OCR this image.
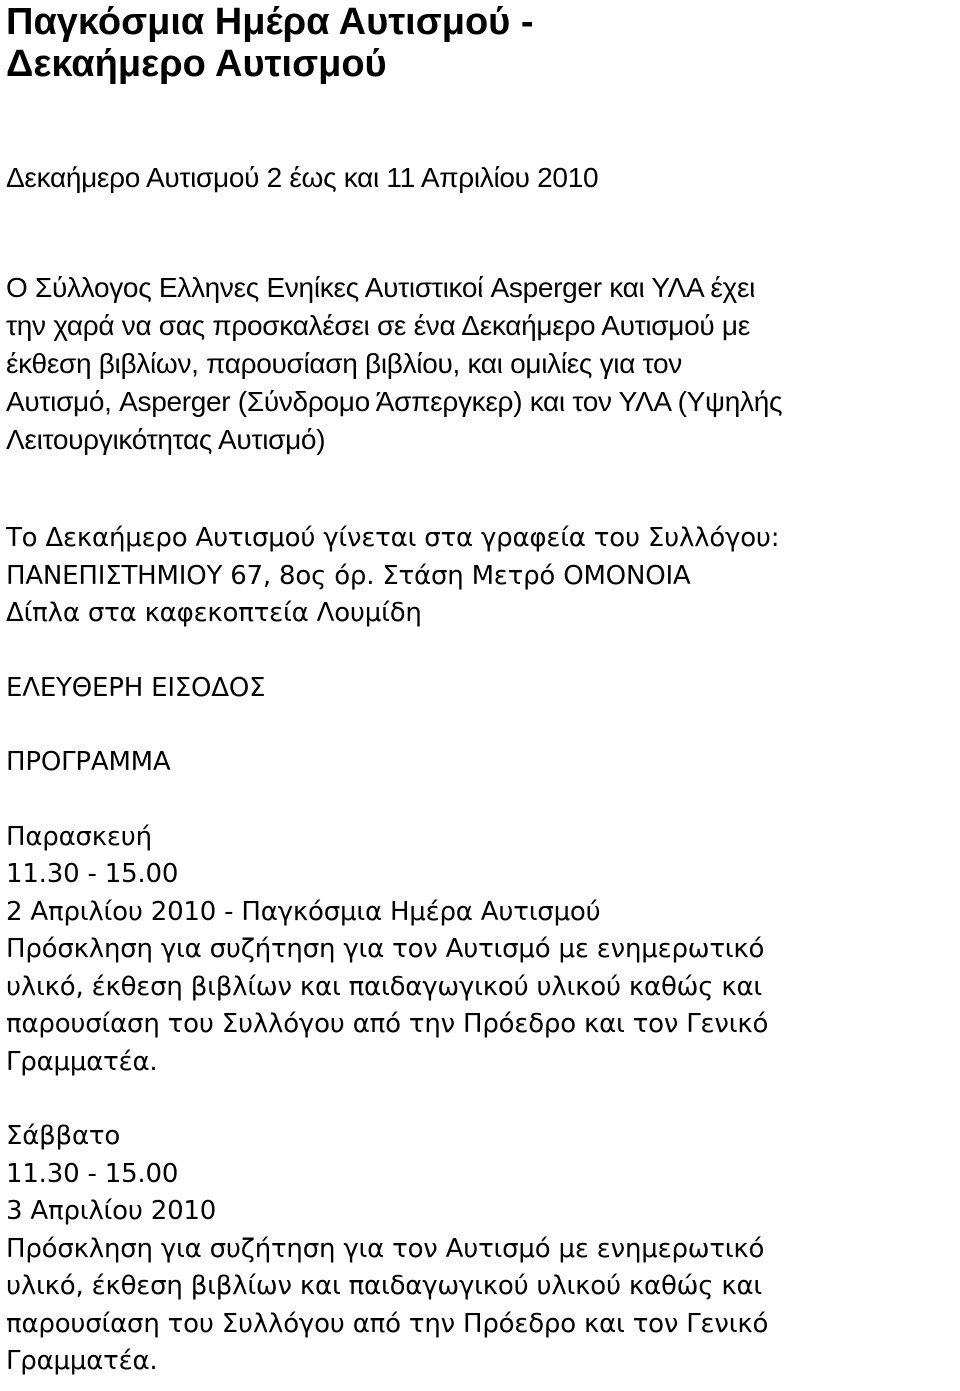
Παγκόσμια Ημέρα Αυτισμού -
Δεκαήμερο Αυτισμού
Δεκαήμερο Αυτισμού 2 έως και 11 Απριλίου 2010
Ο Σύλλογος Ελληνες Ενηίκες Αυτιστικοί Asperger και ΥΛΑ έχει
την χαρά να σας προσκαλέσει σε ένα Δεκαήμερο Αυτισμού με
έκθεση βιβλίων, παρουσίαση βιβλίου, και ομιλίες για τον
Αυτισμό, Asperger (Σύνδρομο Άσπεργκερ) και τον ΥΛΑ (Υψηλής
Λειτουργικότητας Αυτισμό)
Το Δεκαήμερο Αυτισμού γίνεται στα γραφεία του Συλλόγου:
ΠΑΝΕΠΙΣΤΗΜΙΟΥ 67, 8ος όρ. Στάση Μετρό ΟΜΟΝΟΙΑ
Δίπλα στα καφεκοπτεία Λουμίδη
ΕΛΕΥΘΕΡΗ ΕΙΣΟΔΟΣ
ΠΡΟΓΡΑΜΜΑ
Παρασκευή
11.30 - 15.00
2 Απριλίου 2010 - Παγκόσμια Ημέρα Αυτισμού
Πρόσκληση για συζήτηση για τον Αυτισμό με ενημερωτικό
υλικό, έκθεση βιβλίων και παιδαγωγικού υλικού καθώς και
παρουσίαση του Συλλόγου από την Πρόεδρο και τον Γενικό
Γραμματέα.
Σάββατο
11.30 - 15.00
3 Απριλίου 2010
Πρόσκληση για συζήτηση για τον Αυτισμό με ενημερωτικό
υλικό, έκθεση βιβλίων και παιδαγωγικού υλικού καθώς και
παρουσίαση του Συλλόγου από την Πρόεδρο και τον Γενικό
Γραμματέα.
